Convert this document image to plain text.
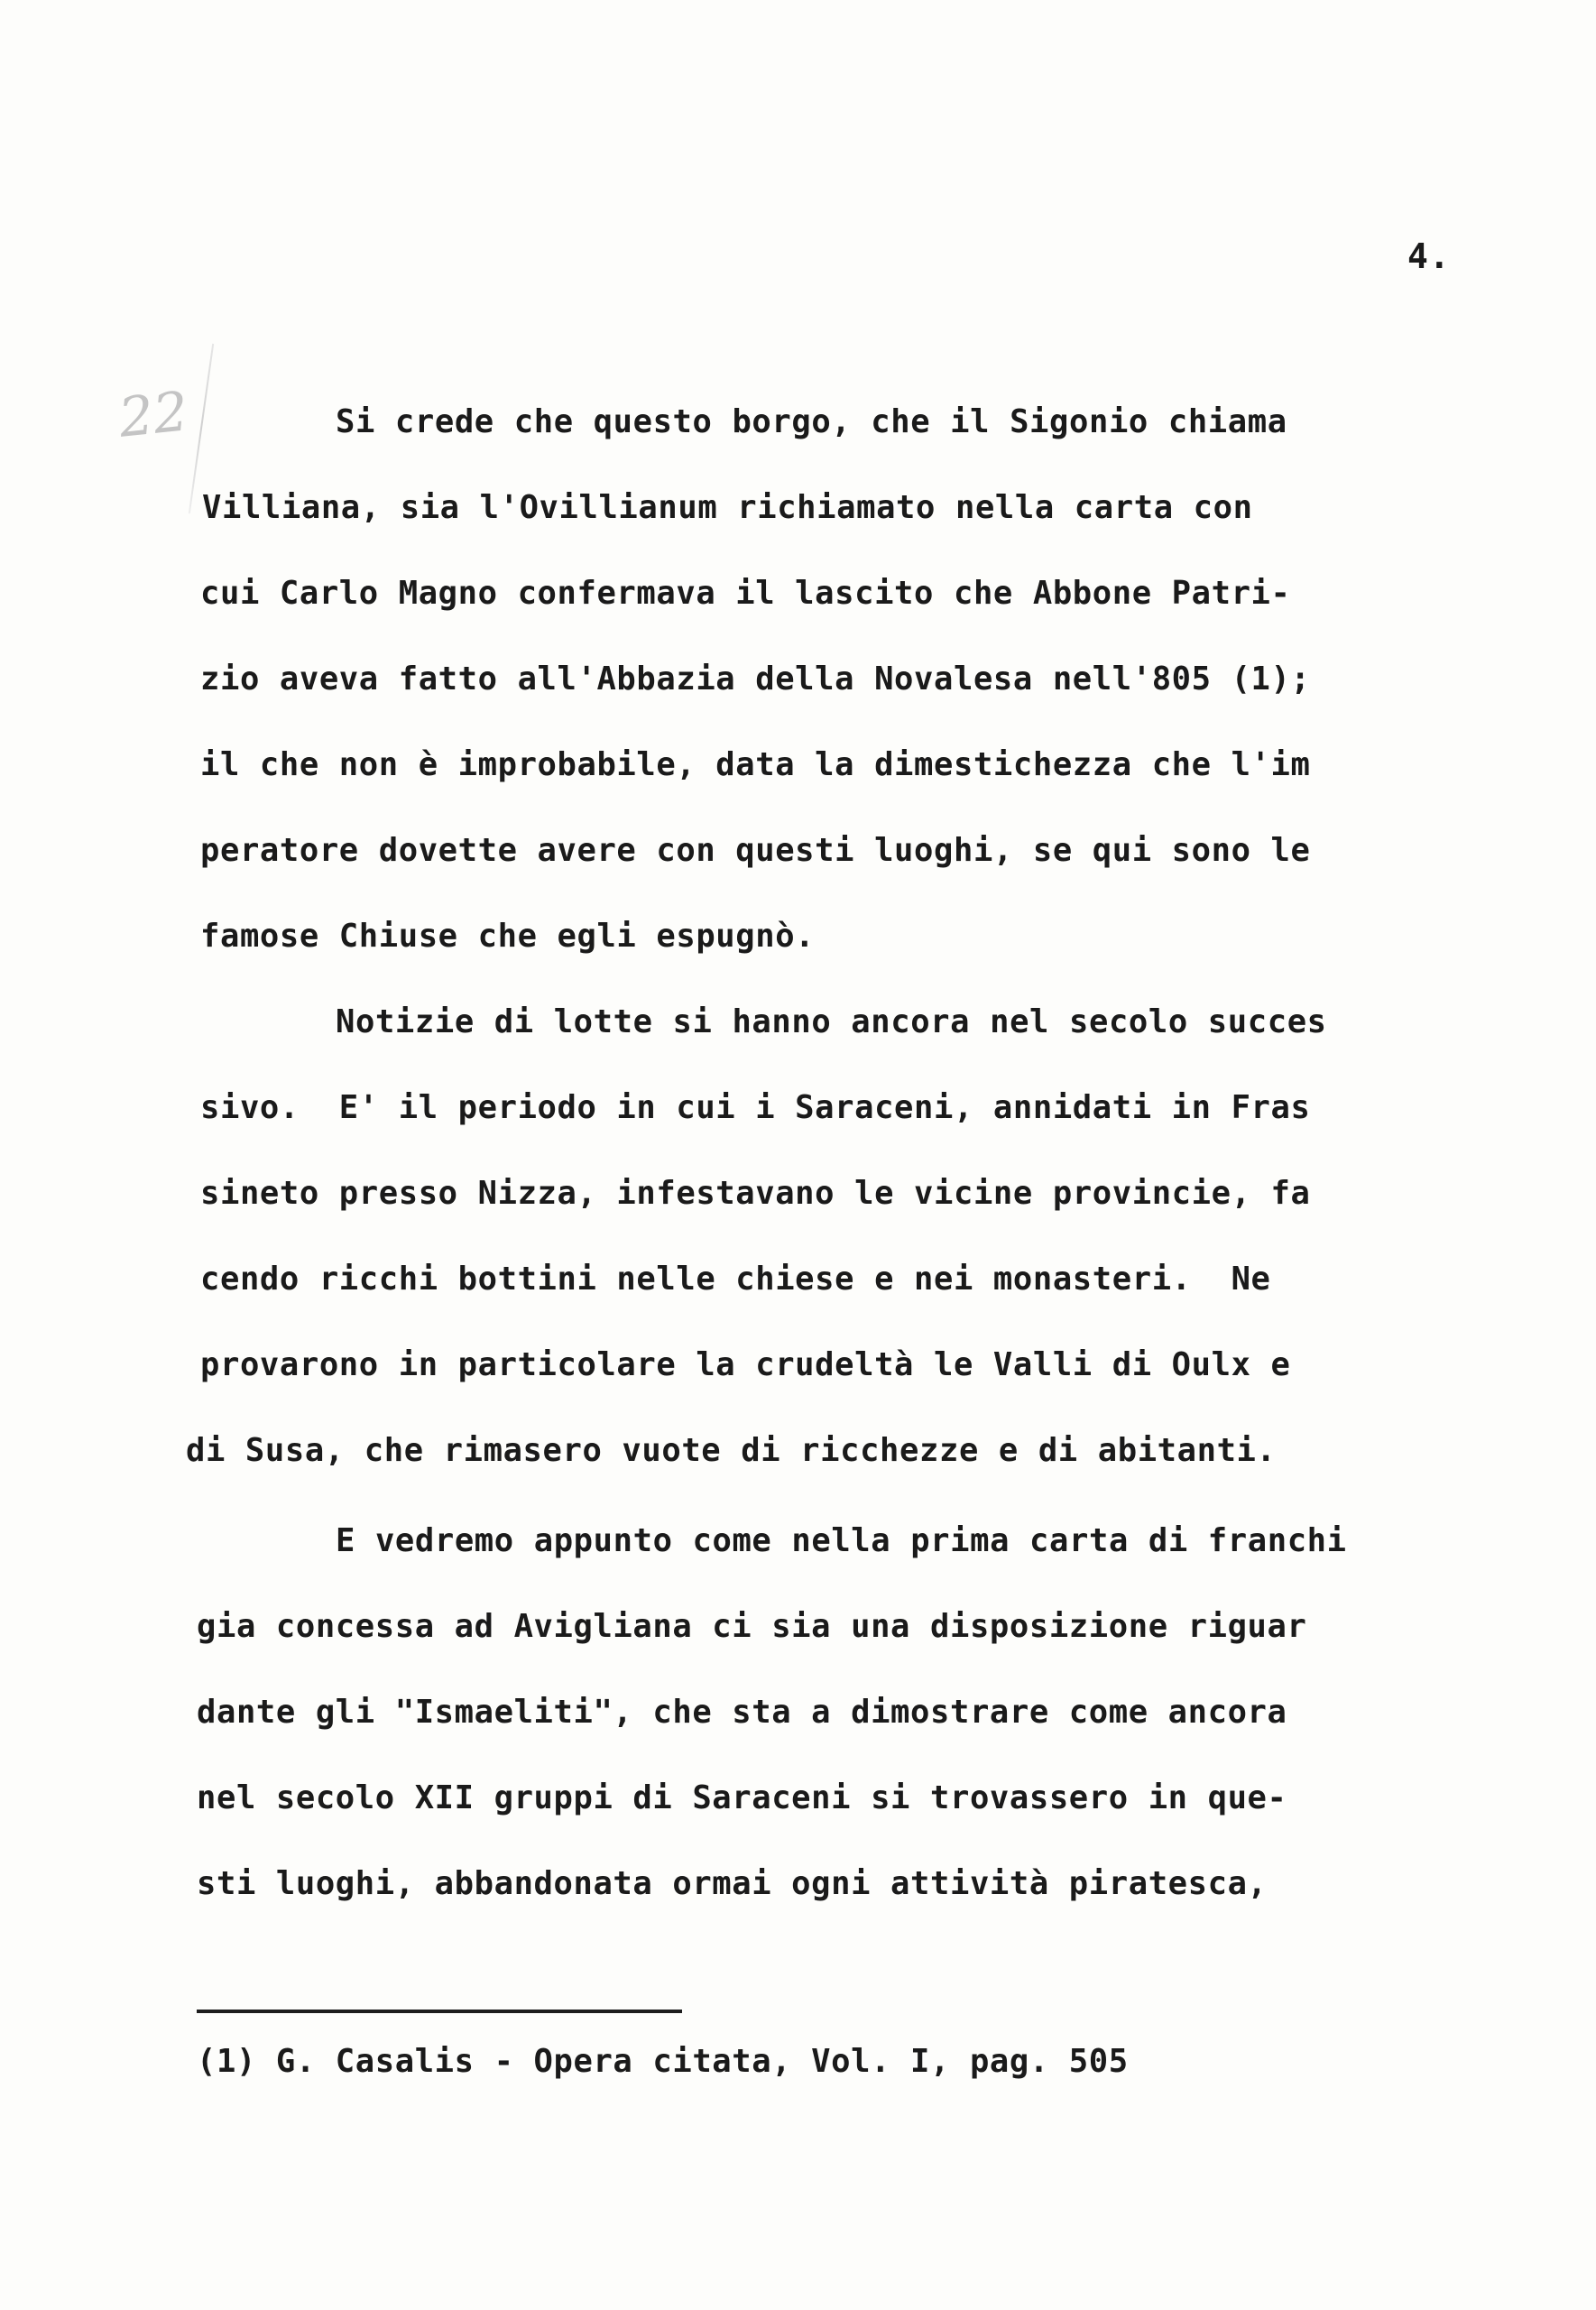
4.
22	Si crede che questo borgo, che il Sigonio chiama
Villiana, sia l'Ovillianum richiamato nella carta con
cui Carlo Magno confermava il lascito che Abbone Patri-
zio aveva fatto all'Abbazia della Novalesa nell'805 (1);
il che non è improbabile, data la dimestichezza che l'im
peratore dovette avere con questi luoghi, se qui sono le
famose Chiuse che egli espugnò.
Notizie di lotte si hanno ancora nel secolo succes
sivo.  E' il periodo in cui i Saraceni, annidati in Fras
sineto presso Nizza, infestavano le vicine provincie, fa
cendo ricchi bottini nelle chiese e nei monasteri.  Ne
provarono in particolare la crudeltà le Valli di Oulx e
di Susa, che rimasero vuote di ricchezze e di abitanti.
E vedremo appunto come nella prima carta di franchi
gia concessa ad Avigliana ci sia una disposizione riguar
dante gli "Ismaeliti", che sta a dimostrare come ancora
nel secolo XII gruppi di Saraceni si trovassero in que-
sti luoghi, abbandonata ormai ogni attività piratesca,
(1) G. Casalis - Opera citata, Vol. I, pag. 505
